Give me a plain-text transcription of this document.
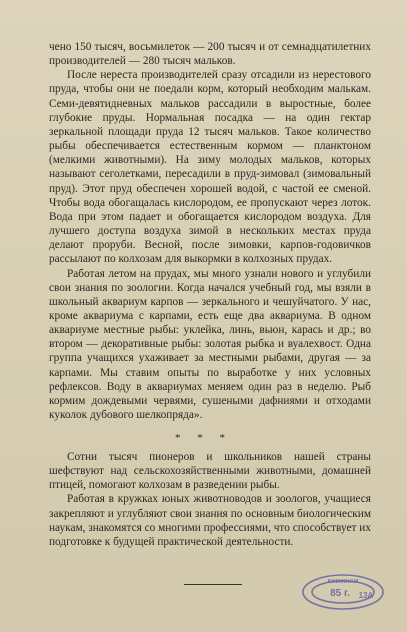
чено 150 тысяч, восьмилеток — 200 тысяч и от семнадцатилетних производителей — 280 тысяч мальков.

После нереста производителей сразу отсадили из нерестового пруда, чтобы они не поедали корм, который необходим малькам. Семи-девятидневных мальков рассадили в выростные, более глубокие пруды. Нормальная посадка — на один гектар зеркальной площади пруда 12 тысяч мальков. Такое количество рыбы обеспечивается естественным кормом — планктоном (мелкими животными). На зиму молодых мальков, которых называют сеголетками, пересадили в пруд-зимовал (зимовальный пруд). Этот пруд обеспечен хорошей водой, с частой ее сменой. Чтобы вода обогащалась кислородом, ее пропускают через лоток. Вода при этом падает и обогащается кислородом воздуха. Для лучшего доступа воздуха зимой в нескольких местах пруда делают проруби. Весной, после зимовки, карпов-годовичков рассылают по колхозам для выкормки в колхозных прудах.

Работая летом на прудах, мы много узнали нового и углубили свои знания по зоологии. Когда начался учебный год, мы взяли в школьный аквариум карпов — зеркального и чешуйчатого. У нас, кроме аквариума с карпами, есть еще два аквариума. В одном аквариуме местные рыбы: уклейка, линь, вьюн, карась и др.; во втором — декоративные рыбы: золотая рыбка и вуалехвост. Одна группа учащихся ухаживает за местными рыбами, другая — за карпами. Мы ставим опыты по выработке у них условных рефлексов. Воду в аквариумах меняем один раз в неделю. Рыб кормим дождевыми червями, сушеными дафниями и отходами куколок дубового шелкопряда».

* * *

Сотни тысяч пионеров и школьников нашей страны шефствуют над сельскохозяйственными животными, домашней птицей, помогают колхозам в разведении рыбы.

Работая в кружках юных животноводов и зоологов, учащиеся закрепляют и углубляют свои знания по основным биологическим наукам, знакомятся со многими профессиями, что способствует их подготовке к будущей практической деятельности.

КНИЖНАЯ
85 г. 13А
